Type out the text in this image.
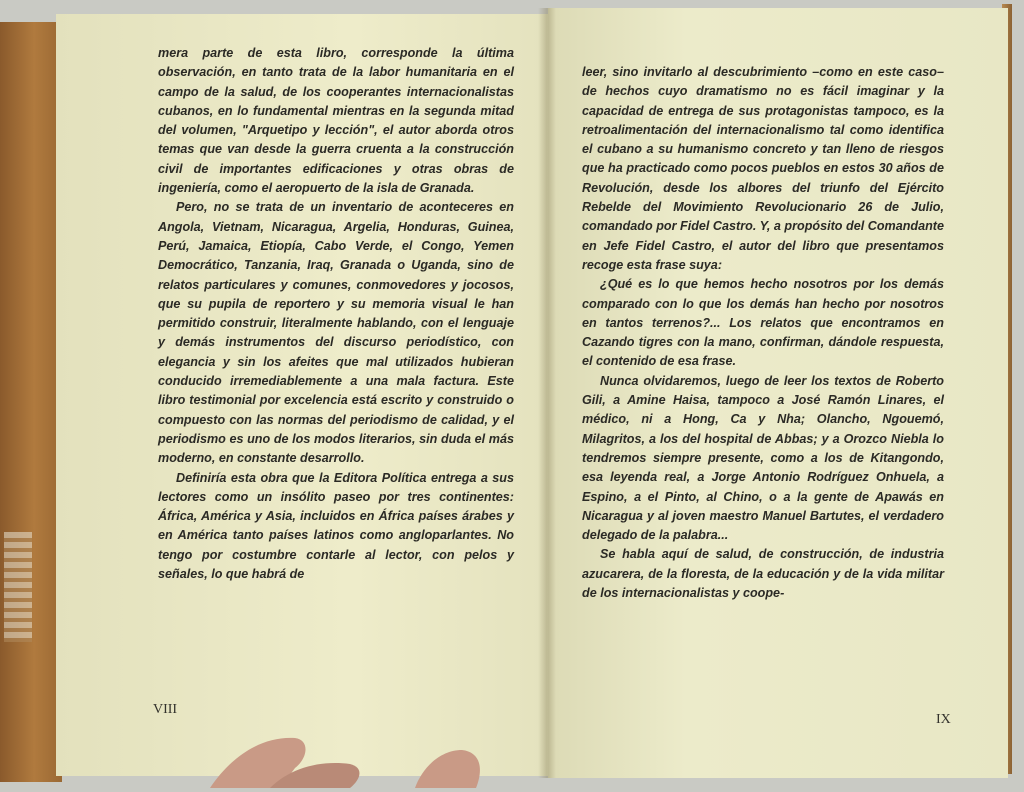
mera parte de esta libro, corresponde la última observación, en tanto trata de la labor humanitaria en el campo de la salud, de los cooperantes internacionalistas cubanos, en lo fundamental mientras en la segunda mitad del volumen, "Arquetipo y lección", el autor aborda otros temas que van desde la guerra cruenta a la construcción civil de importantes edificaciones y otras obras de ingeniería, como el aeropuerto de la isla de Granada.

Pero, no se trata de un inventario de aconteceres en Angola, Vietnam, Nicaragua, Argelia, Honduras, Guinea, Perú, Jamaica, Etiopía, Cabo Verde, el Congo, Yemen Democrático, Tanzania, Iraq, Granada o Uganda, sino de relatos particulares y comunes, conmovedores y jocosos, que su pupila de reportero y su memoria visual le han permitido construir, literalmente hablando, con el lenguaje y demás instrumentos del discurso periodístico, con elegancia y sin los afeites que mal utilizados hubieran conducido irremediablemente a una mala factura. Este libro testimonial por excelencia está escrito y construido o compuesto con las normas del periodismo de calidad, y el periodismo es uno de los modos literarios, sin duda el más moderno, en constante desarrollo.

Definiría esta obra que la Editora Política entrega a sus lectores como un insólito paseo por tres continentes: África, América y Asia, incluidos en África países árabes y en América tanto países latinos como angloparlantes. No tengo por costumbre contarle al lector, con pelos y señales, lo que habrá de

VIII

leer, sino invitarlo al descubrimiento –como en este caso– de hechos cuyo dramatismo no es fácil imaginar y la capacidad de entrega de sus protagonistas tampoco, es la retroalimentación del internacionalismo tal como identifica el cubano a su humanismo concreto y tan lleno de riesgos que ha practicado como pocos pueblos en estos 30 años de Revolución, desde los albores del triunfo del Ejército Rebelde del Movimiento Revolucionario 26 de Julio, comandado por Fidel Castro. Y, a propósito del Comandante en Jefe Fidel Castro, el autor del libro que presentamos recoge esta frase suya:

¿Qué es lo que hemos hecho nosotros por los demás comparado con lo que los demás han hecho por nosotros en tantos terrenos?... Los relatos que encontramos en Cazando tigres con la mano, confirman, dándole respuesta, el contenido de esa frase.

Nunca olvidaremos, luego de leer los textos de Roberto Gili, a Amine Haisa, tampoco a José Ramón Linares, el médico, ni a Hong, Ca y Nha; Olancho, Ngouemó, Milagritos, a los del hospital de Abbas; y a Orozco Niebla lo tendremos siempre presente, como a los de Kitangondo, esa leyenda real, a Jorge Antonio Rodríguez Onhuela, a Espino, a el Pinto, al Chino, o a la gente de Apawás en Nicaragua y al joven maestro Manuel Bartutes, el verdadero delegado de la palabra...

Se habla aquí de salud, de construcción, de industria azucarera, de la floresta, de la educación y de la vida militar de los internacionalistas y coope-

IX
